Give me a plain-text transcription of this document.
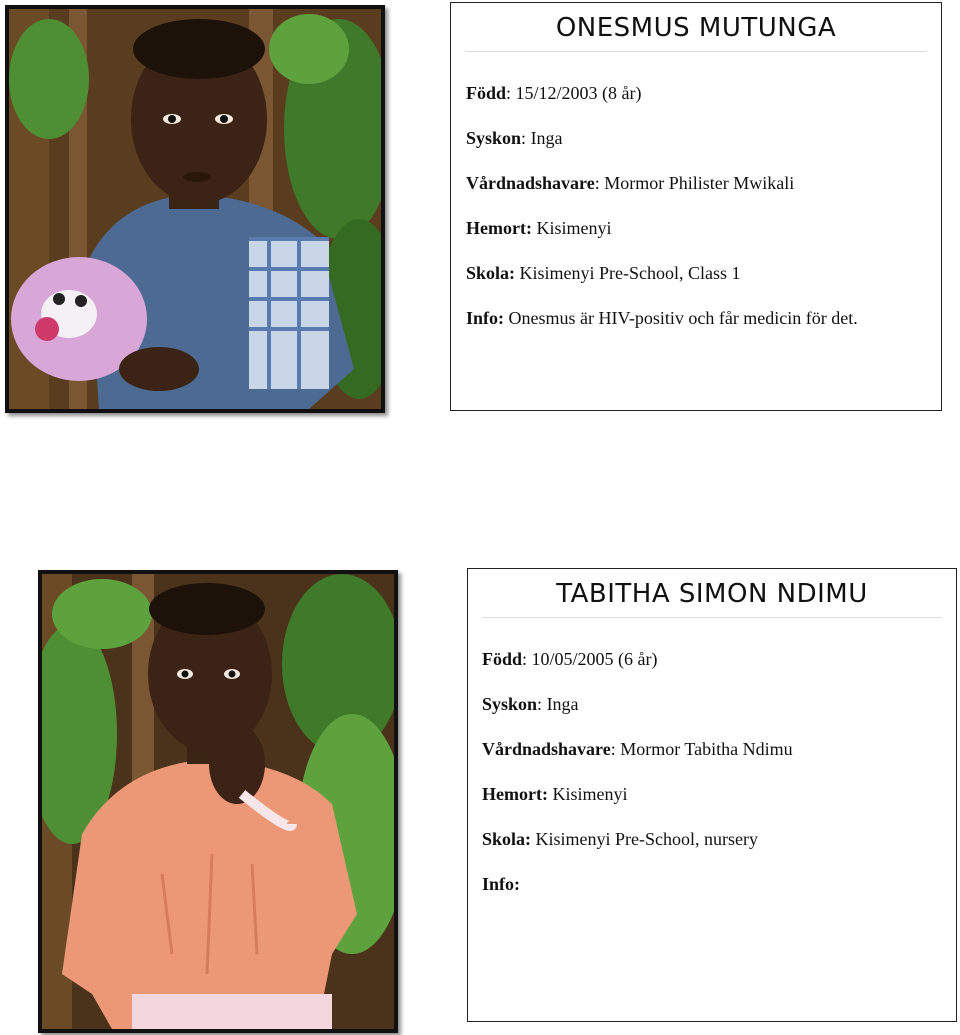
ONESMUS MUTUNGA
Född: 15/12/2003 (8 år)
Syskon: Inga
Vårdnadshavare: Mormor Philister Mwikali
Hemort: Kisimenyi
Skola: Kisimenyi Pre-School, Class 1
Info: Onesmus är HIV-positiv och får medicin för det.
TABITHA SIMON NDIMU
Född: 10/05/2005 (6 år)
Syskon: Inga
Vårdnadshavare: Mormor Tabitha Ndimu
Hemort: Kisimenyi
Skola: Kisimenyi Pre-School, nursery
Info:
